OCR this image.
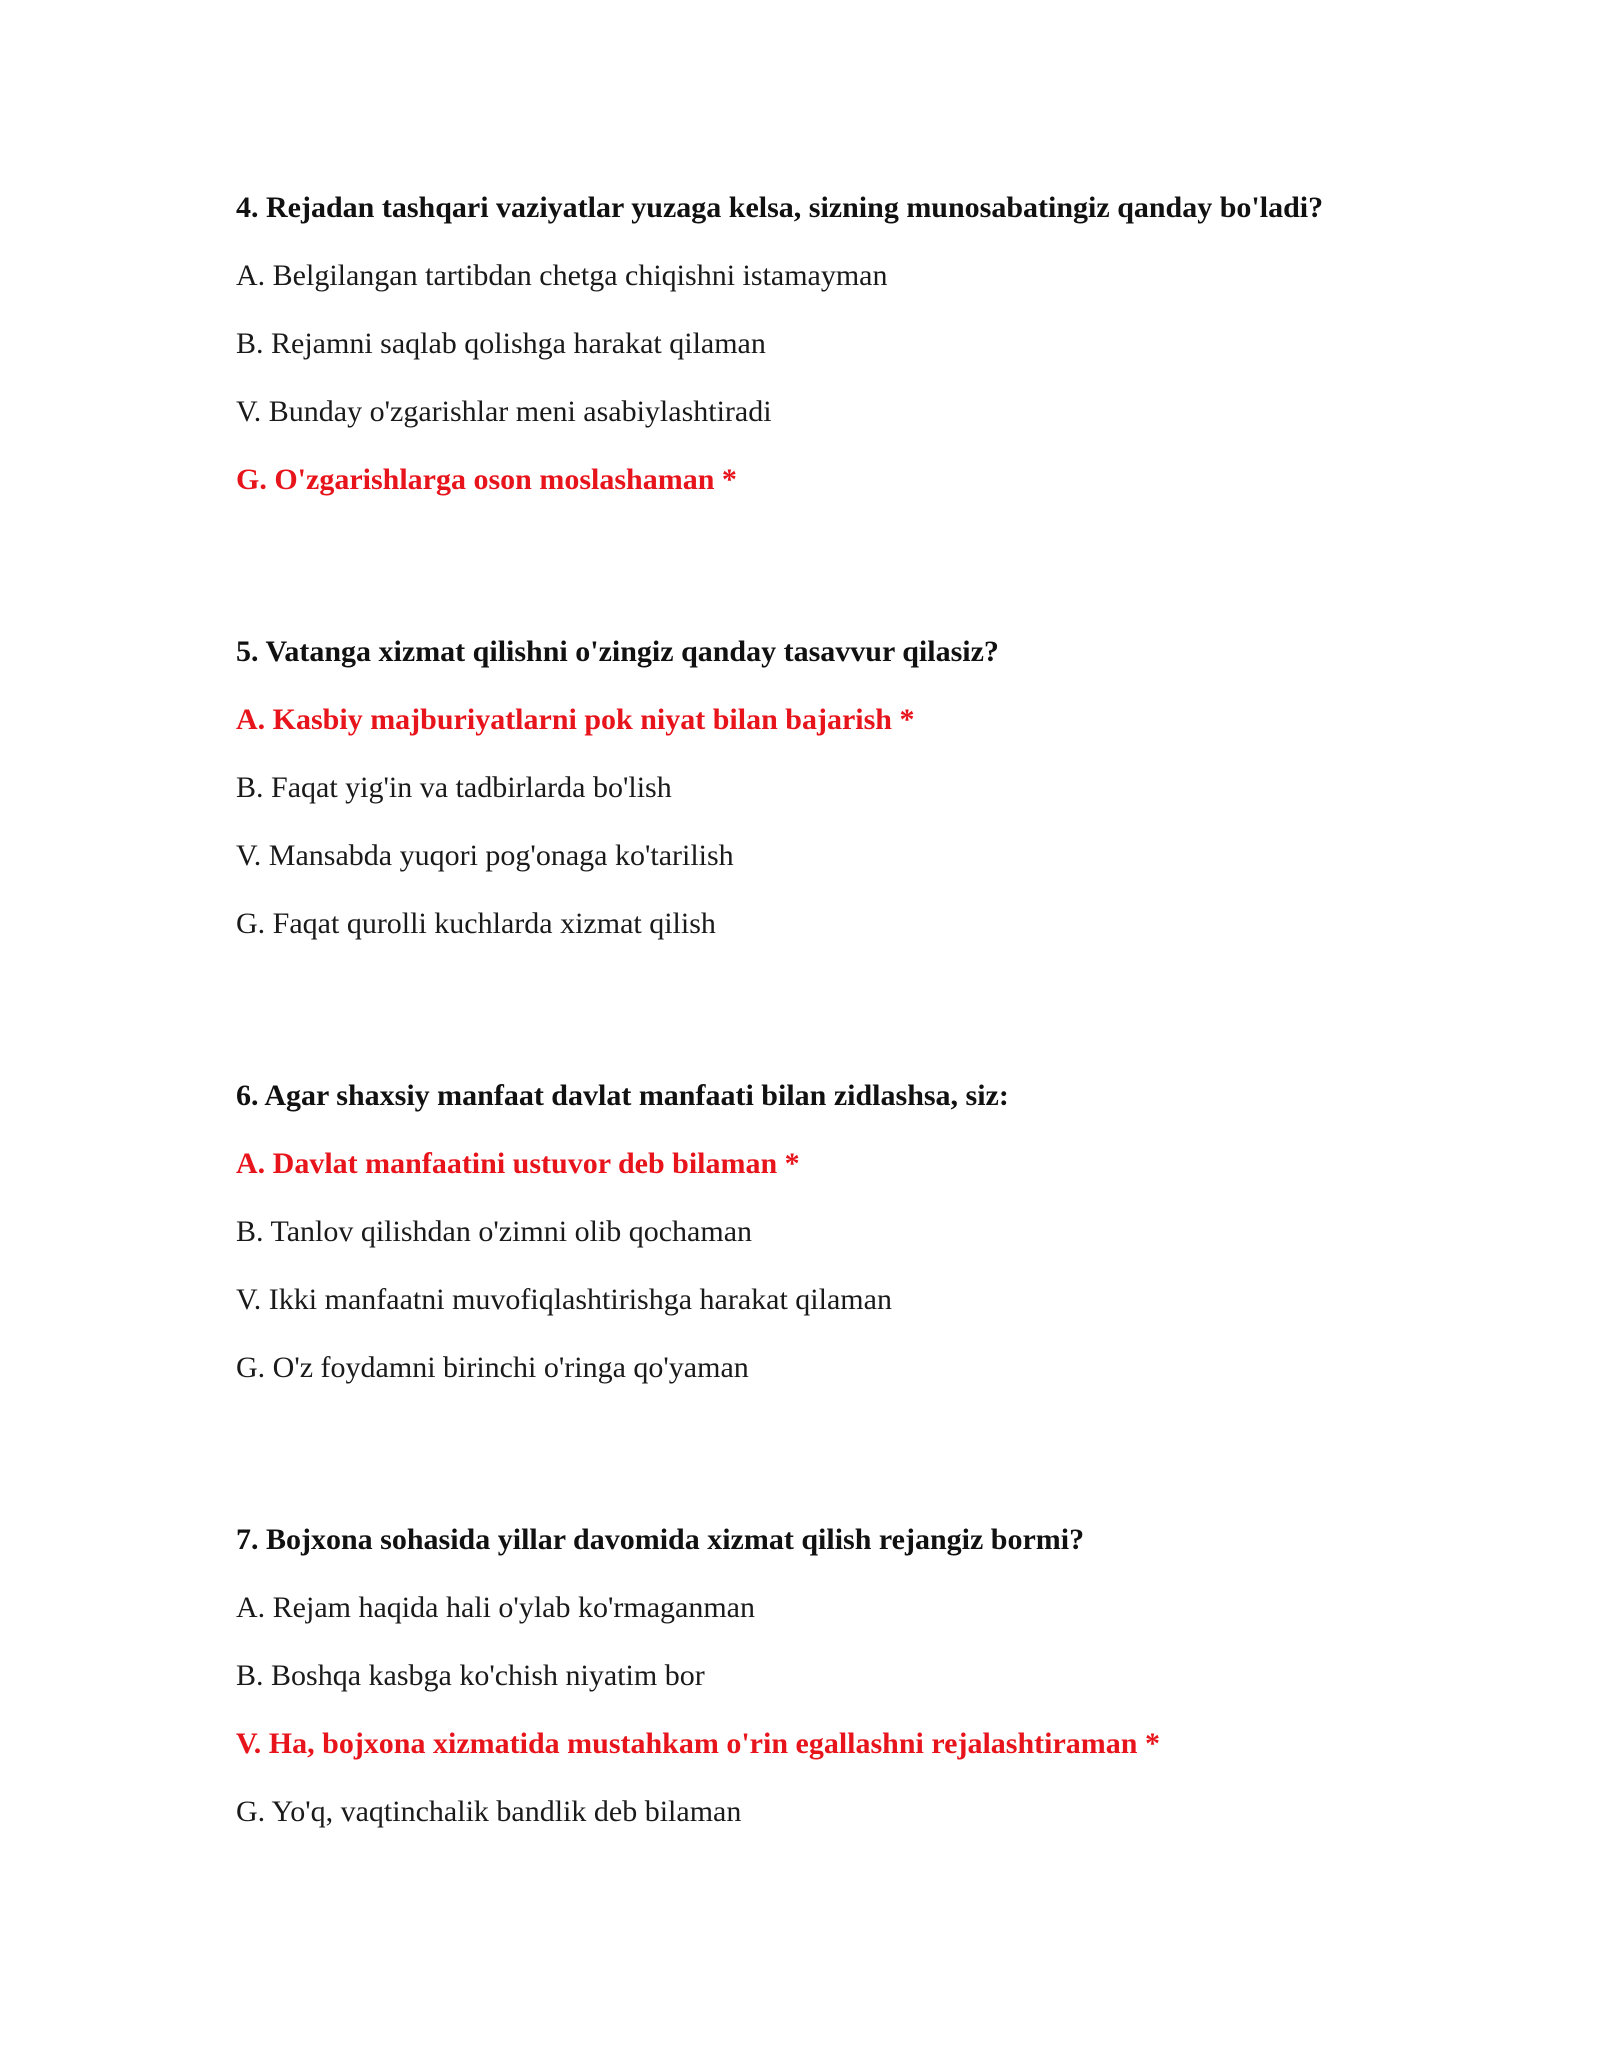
4. Rejadan tashqari vaziyatlar yuzaga kelsa, sizning munosabatingiz qanday bo'ladi?
A. Belgilangan tartibdan chetga chiqishni istamayman
B. Rejamni saqlab qolishga harakat qilaman
V. Bunday o'zgarishlar meni asabiylashtiradi
G. O'zgarishlarga oson moslashaman *
5. Vatanga xizmat qilishni o'zingiz qanday tasavvur qilasiz?
A. Kasbiy majburiyatlarni pok niyat bilan bajarish *
B. Faqat yig'in va tadbirlarda bo'lish
V. Mansabda yuqori pog'onaga ko'tarilish
G. Faqat qurolli kuchlarda xizmat qilish
6. Agar shaxsiy manfaat davlat manfaati bilan zidlashsa, siz:
A. Davlat manfaatini ustuvor deb bilaman *
B. Tanlov qilishdan o'zimni olib qochaman
V. Ikki manfaatni muvofiqlashtirishga harakat qilaman
G. O'z foydamni birinchi o'ringa qo'yaman
7. Bojxona sohasida yillar davomida xizmat qilish rejangiz bormi?
A. Rejam haqida hali o'ylab ko'rmaganman
B. Boshqa kasbga ko'chish niyatim bor
V. Ha, bojxona xizmatida mustahkam o'rin egallashni rejalashtiraman *
G. Yo'q, vaqtinchalik bandlik deb bilaman
